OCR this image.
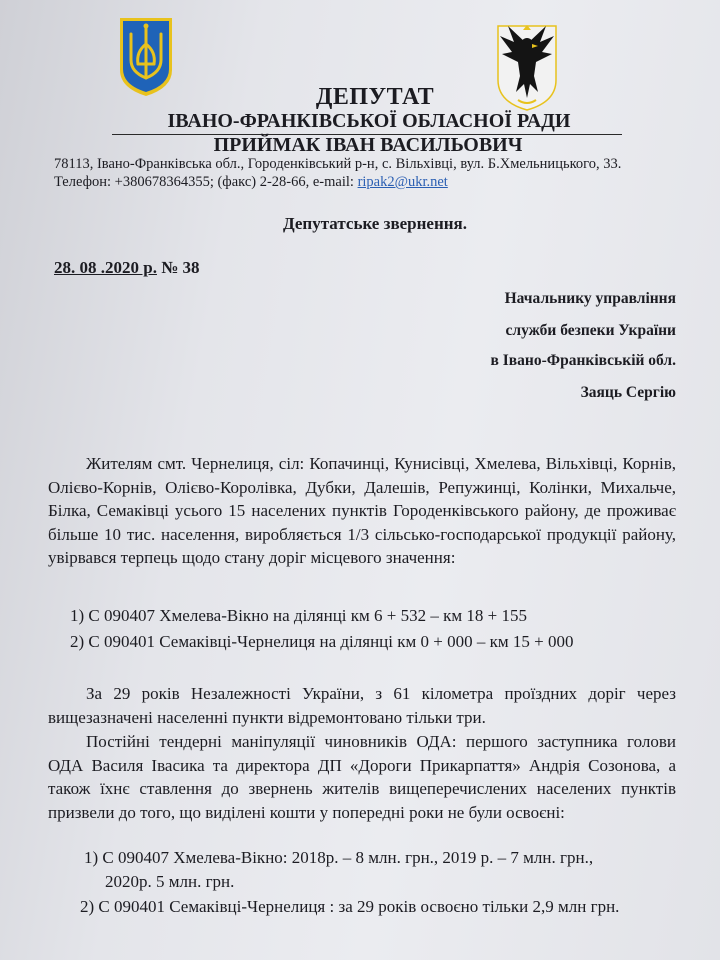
ДЕПУТАТ
ІВАНО-ФРАНКІВСЬКОЇ ОБЛАСНОЇ РАДИ
ПРИЙМАК ІВАН ВАСИЛЬОВИЧ
78113, Івано-Франківська обл., Городенківський р-н, с. Вільхівці, вул. Б.Хмельницького, 33.
Телефон: +380678364355; (факс) 2-28-66, e-mail: ripak2@ukr.net
Депутатське звернення.
28. 08 .2020 р. № 38
Начальнику управління
служби безпеки України
в Івано-Франківській обл.
Заяць Сергію
Жителям смт. Чернелиця, сіл: Копачинці, Кунисівці, Хмелева, Вільхівці, Корнів, Олієво-Корнів, Олієво-Королівка, Дубки, Далешів, Репужинці, Колінки, Михальче, Білка, Семаківці усього 15 населених пунктів Городенківського району, де проживає більше 10 тис. населення, виробляється 1/3 сільсько-господарської продукції району, увірвався терпець щодо стану доріг місцевого значення:
1) С 090407 Хмелева-Вікно на ділянці км 6 + 532 – км 18 + 155
2) С 090401 Семаківці-Чернелиця на ділянці км 0 + 000 – км 15 + 000
За 29 років Незалежності України, з 61 кілометра проїздних доріг через вищезазначені населенні пункти відремонтовано тільки три.
Постійні тендерні маніпуляції чиновників ОДА: першого заступника голови ОДА Василя Івасика та директора ДП «Дороги Прикарпаття» Андрія Созонова, а також їхнє ставлення до звернень жителів вищеперечислених населених пунктів призвели до того, що виділені кошти у попередні роки не були освоєні:
1) С 090407 Хмелева-Вікно: 2018р. – 8 млн. грн., 2019 р. – 7 млн. грн.,
2020р. 5 млн. грн.
2) С 090401 Семаківці-Чернелиця : за 29 років освоєно тільки 2,9 млн грн.
